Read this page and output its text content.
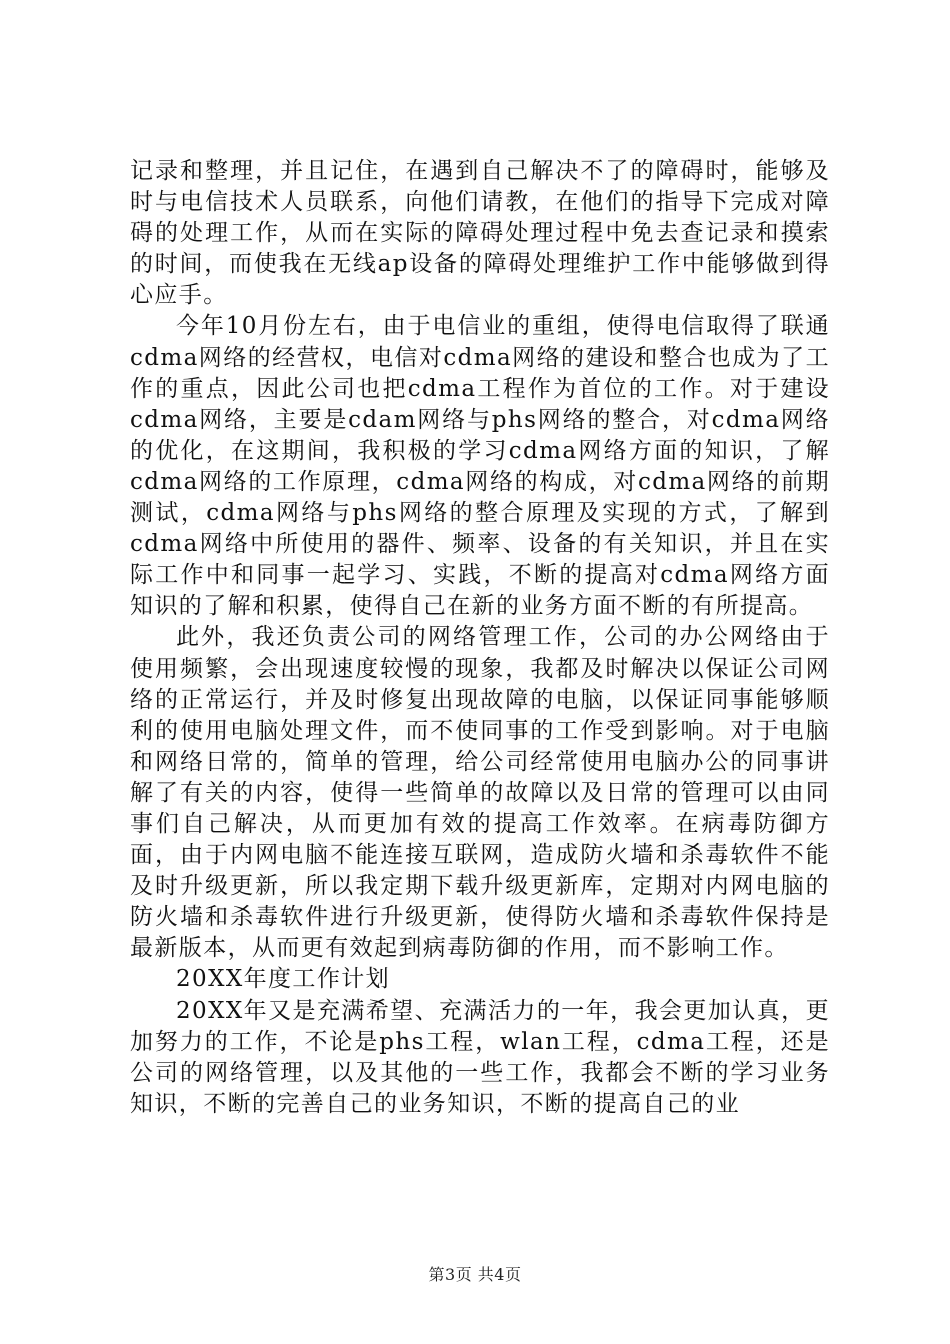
记录和整理，并且记住，在遇到自己解决不了的障碍时，能够及时与电信技术人员联系，向他们请教，在他们的指导下完成对障碍的处理工作，从而在实际的障碍处理过程中免去查记录和摸索的时间，而使我在无线ap设备的障碍处理维护工作中能够做到得心应手。

今年10月份左右，由于电信业的重组，使得电信取得了联通cdma网络的经营权，电信对cdma网络的建设和整合也成为了工作的重点，因此公司也把cdma工程作为首位的工作。对于建设cdma网络，主要是cdam网络与phs网络的整合，对cdma网络的优化，在这期间，我积极的学习cdma网络方面的知识，了解cdma网络的工作原理，cdma网络的构成，对cdma网络的前期测试，cdma网络与phs网络的整合原理及实现的方式，了解到cdma网络中所使用的器件、频率、设备的有关知识，并且在实际工作中和同事一起学习、实践，不断的提高对cdma网络方面知识的了解和积累，使得自己在新的业务方面不断的有所提高。

此外，我还负责公司的网络管理工作，公司的办公网络由于使用频繁，会出现速度较慢的现象，我都及时解决以保证公司网络的正常运行，并及时修复出现故障的电脑，以保证同事能够顺利的使用电脑处理文件，而不使同事的工作受到影响。对于电脑和网络日常的，简单的管理，给公司经常使用电脑办公的同事讲解了有关的内容，使得一些简单的故障以及日常的管理可以由同事们自己解决，从而更加有效的提高工作效率。在病毒防御方面，由于内网电脑不能连接互联网，造成防火墙和杀毒软件不能及时升级更新，所以我定期下载升级更新库，定期对内网电脑的防火墙和杀毒软件进行升级更新，使得防火墙和杀毒软件保持是最新版本，从而更有效起到病毒防御的作用，而不影响工作。

20XX年度工作计划

20XX年又是充满希望、充满活力的一年，我会更加认真，更加努力的工作，不论是phs工程，wlan工程，cdma工程，还是公司的网络管理，以及其他的一些工作，我都会不断的学习业务知识，不断的完善自己的业务知识，不断的提高自己的业

第3页 共4页
